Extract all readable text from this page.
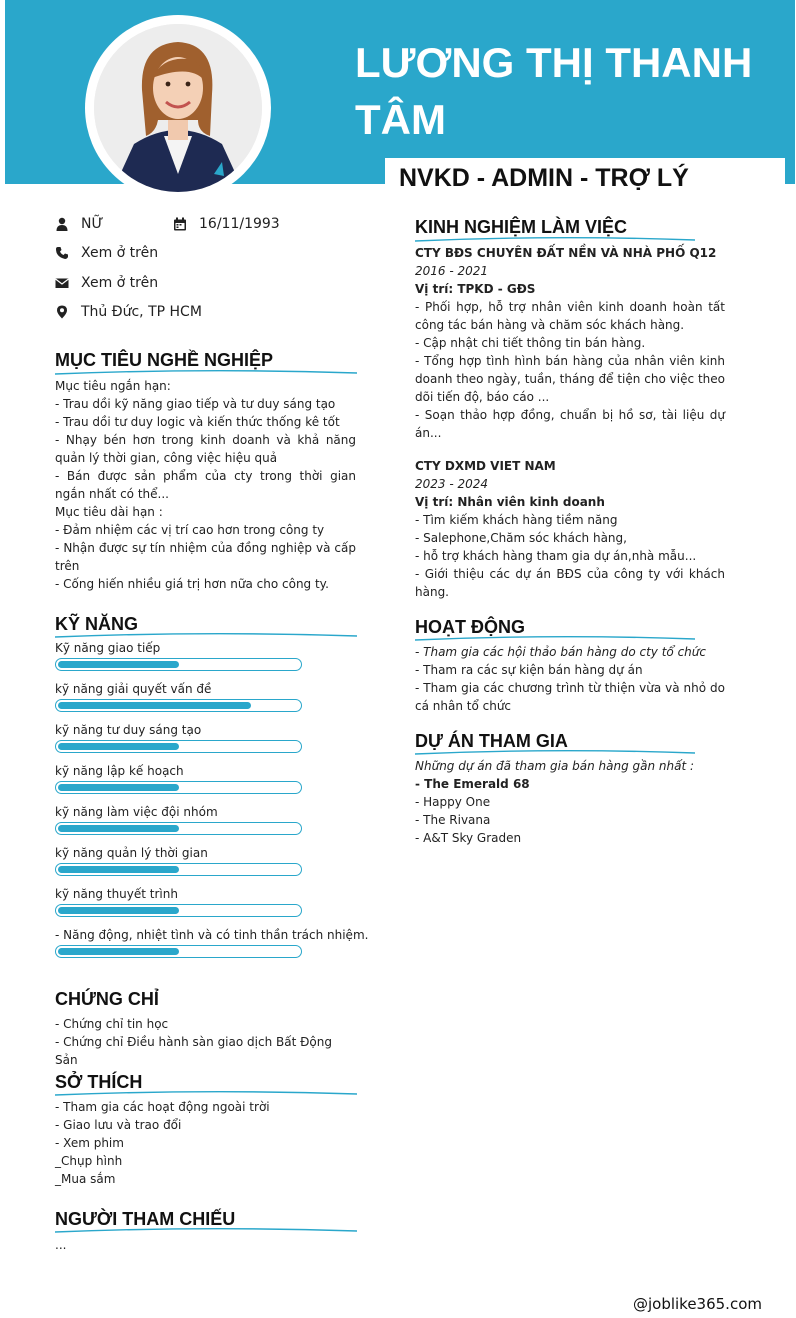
LƯƠNG THỊ THANH TÂM
NVKD - ADMIN - TRỢ LÝ
NỮ	16/11/1993
Xem ở trên
Xem ở trên
Thủ Đức, TP HCM
MỤC TIÊU NGHỀ NGHIỆP
Mục tiêu ngắn hạn:
- Trau dồi kỹ năng giao tiếp và tư duy sáng tạo
- Trau dồi tư duy logic và kiến thức thống kê tốt
- Nhạy bén hơn trong kinh doanh và khả năng quản lý thời gian, công việc hiệu quả
- Bán được sản phẩm của cty trong thời gian ngắn nhất có thể...
Mục tiêu dài hạn :
- Đảm nhiệm các vị trí cao hơn trong công ty
- Nhận được sự tín nhiệm của đồng nghiệp và cấp trên
- Cống hiến nhiều giá trị hơn nữa cho công ty.
KỸ NĂNG
Kỹ năng giao tiếp
kỹ năng giải quyết vấn đề
kỹ năng tư duy sáng tạo
kỹ năng lập kế hoạch
kỹ năng làm việc đội nhóm
kỹ năng quản lý thời gian
kỹ năng thuyết trình
- Năng động, nhiệt tình và có tinh thần trách nhiệm.
CHỨNG CHỈ
- Chứng chỉ tin học
- Chứng chỉ Điều hành sàn giao dịch Bất Động Sản
SỞ THÍCH
- Tham gia các hoạt động ngoài trời
- Giao lưu và trao đổi
- Xem phim
_Chụp hình
_Mua sắm
NGƯỜI THAM CHIẾU
...
KINH NGHIỆM LÀM VIỆC
CTY BĐS CHUYÊN ĐẤT NỀN VÀ NHÀ PHỐ Q12
2016 - 2021
Vị trí: TPKD - GĐS
- Phối hợp, hỗ trợ nhân viên kinh doanh hoàn tất công tác bán hàng và chăm sóc khách hàng.
- Cập nhật chi tiết thông tin bán hàng.
- Tổng hợp tình hình bán hàng của nhân viên kinh doanh theo ngày, tuần, tháng để tiện cho việc theo dõi tiến độ, báo cáo ...
- Soạn thảo hợp đồng, chuẩn bị hồ sơ, tài liệu dự án...
CTY DXMD VIET NAM
2023 - 2024
Vị trí: Nhân viên kinh doanh
- Tìm kiếm khách hàng tiềm năng
- Salephone,Chăm sóc khách hàng,
- hỗ trợ khách hàng tham gia dự án,nhà mẫu...
- Giới thiệu các dự án BĐS của công ty với khách hàng.
HOẠT ĐỘNG
- Tham gia các hội thảo bán hàng do cty tổ chức
- Tham ra các sự kiện bán hàng dự án
- Tham gia các chương trình từ thiện vừa và nhỏ do cá nhân tổ chức
DỰ ÁN THAM GIA
Những dự án đã tham gia bán hàng gần nhất :
- The Emerald 68
- Happy One
- The Rivana
- A&T Sky Graden
@joblike365.com
